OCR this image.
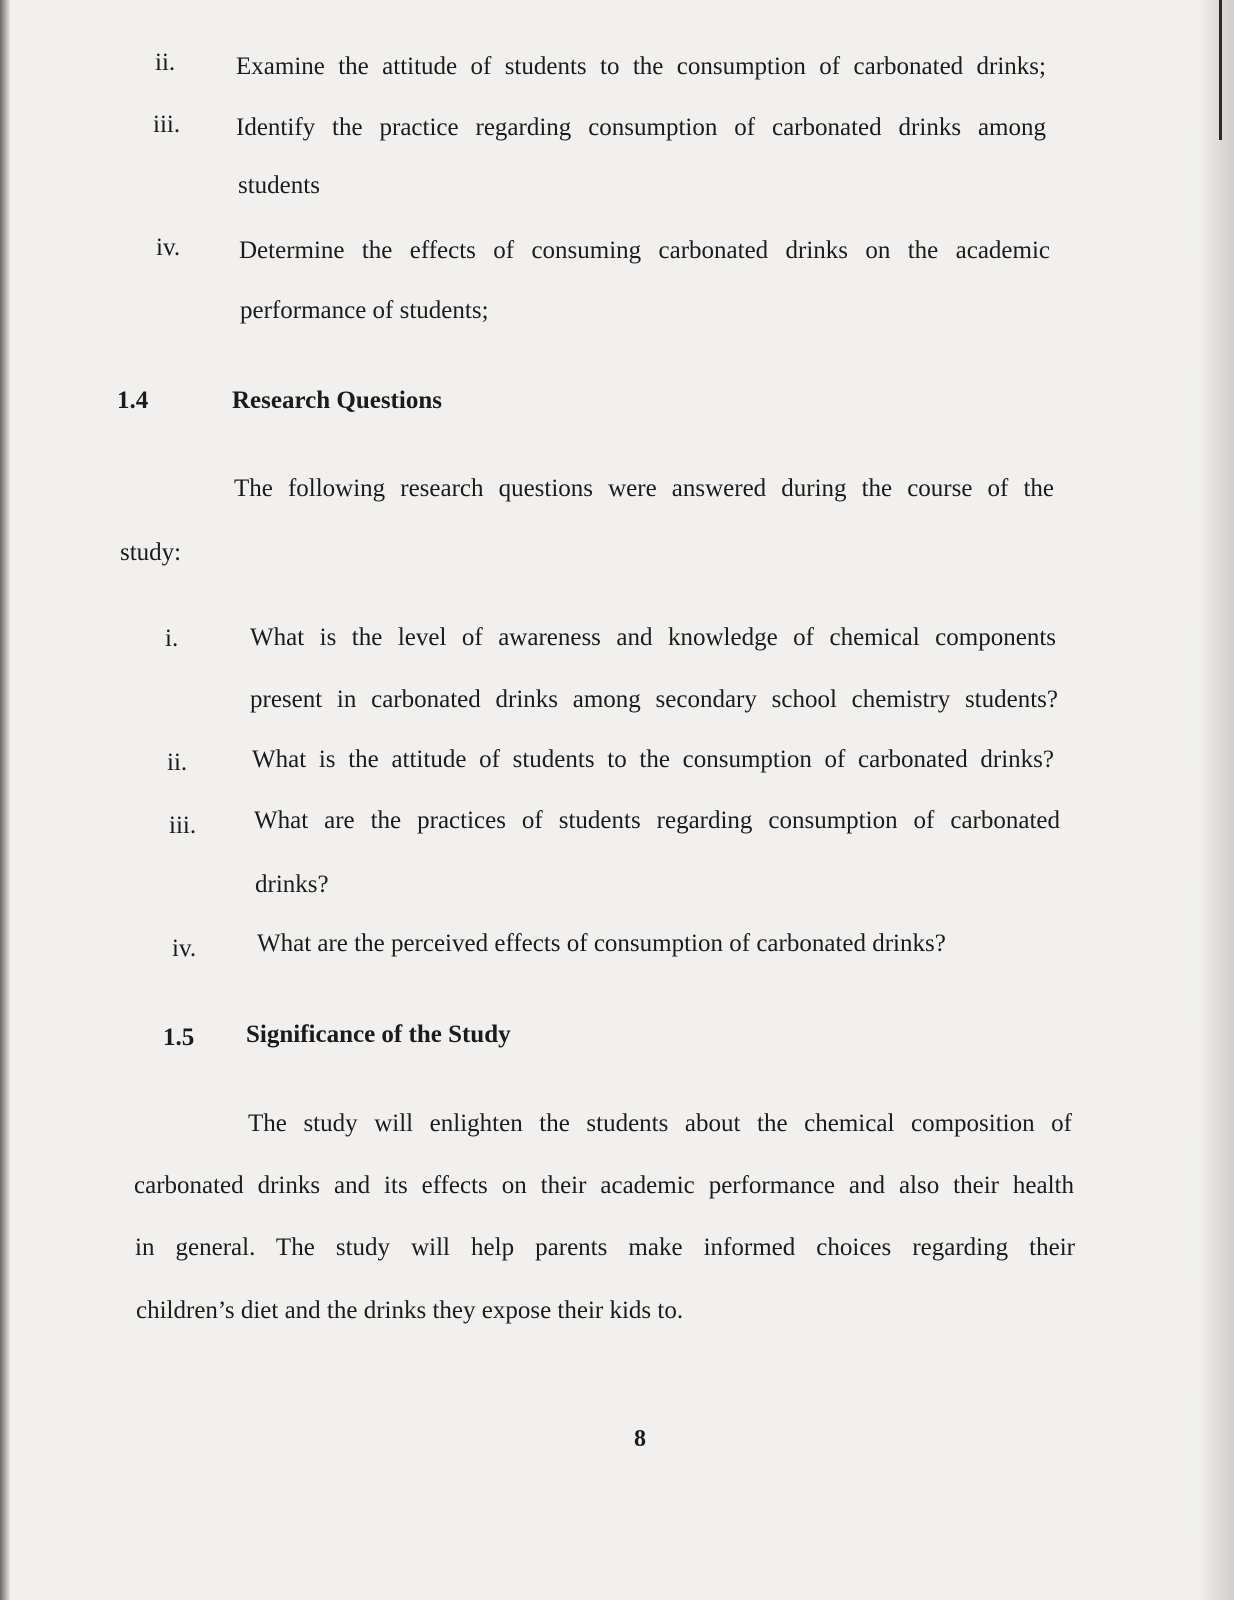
ii. Examine the attitude of students to the consumption of carbonated drinks;
iii. Identify the practice regarding consumption of carbonated drinks among
students
iv. Determine the effects of consuming carbonated drinks on the academic
performance of students;
1.4	Research Questions
The following research questions were answered during the course of the
study:
i.	What is the level of awareness and knowledge of chemical components
present in carbonated drinks among secondary school chemistry students?
ii.	What is the attitude of students to the consumption of carbonated drinks?
iii. What are the practices of students regarding consumption of carbonated
drinks?
iv. What are the perceived effects of consumption of carbonated drinks?
1.5 Significance of the Study
The study will enlighten the students about the chemical composition of
carbonated drinks and its effects on their academic performance and also their health
in general. The study will help parents make informed choices regarding their
children’s diet and the drinks they expose their kids to.
8
